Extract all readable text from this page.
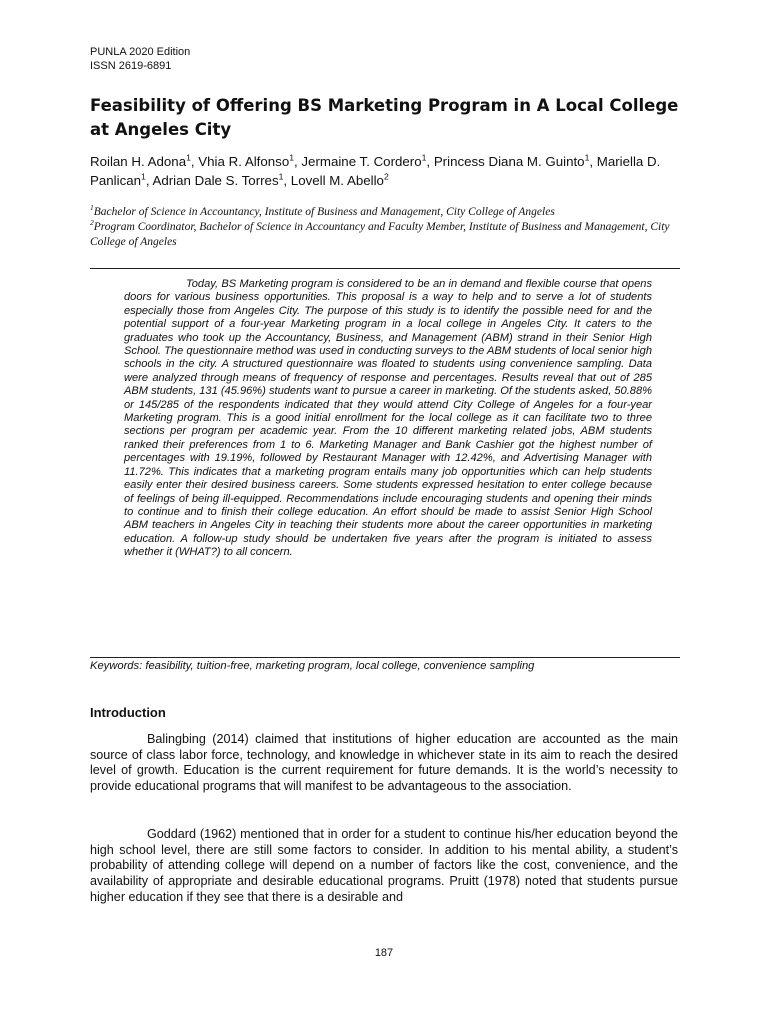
PUNLA 2020 Edition
ISSN 2619-6891
Feasibility of Offering BS Marketing Program in A Local College at Angeles City

Roilan H. Adona$^1$, Vhia R. Alfonso$^1$, Jermaine T. Cordero$^1$, Princess Diana M. Guinto$^1$, Mariella D. Panlican$^1$, Adrian Dale S. Torres$^1$, Lovell M. Abello$^2$

$^1$Bachelor of Science in Accountancy, Institute of Business and Management, City College of Angeles

$^2$Program Coordinator, Bachelor of Science in Accountancy and Faculty Member, Institute of Business and Management, City College of Angeles

Today, BS Marketing program is considered to be an in demand and flexible course that opens doors for various business opportunities. This proposal is a way to help and to serve a lot of students especially those from Angeles City. The purpose of this study is to identify the possible need for and the potential support of a four-year Marketing program in a local college in Angeles City. It caters to the graduates who took up the Accountancy, Business, and Management (ABM) strand in their Senior High School. The questionnaire method was used in conducting surveys to the ABM students of local senior high schools in the city. A structured questionnaire was floated to students using convenience sampling. Data were analyzed through means of frequency of response and percentages. Results reveal that out of 285 ABM students, 131 (45.96%) students want to pursue a career in marketing. Of the students asked, 50.88% or 145/285 of the respondents indicated that they would attend City College of Angeles for a four-year Marketing program. This is a good initial enrollment for the local college as it can facilitate two to three sections per program per academic year. From the 10 different marketing related jobs, ABM students ranked their preferences from 1 to 6. Marketing Manager and Bank Cashier got the highest number of percentages with 19.19%, followed by Restaurant Manager with 12.42%, and Advertising Manager with 11.72%. This indicates that a marketing program entails many job opportunities which can help students easily enter their desired business careers. Some students expressed hesitation to enter college because of feelings of being ill-equipped. Recommendations include encouraging students and opening their minds to continue and to finish their college education. An effort should be made to assist Senior High School ABM teachers in Angeles City in teaching their students more about the career opportunities in marketing education. A follow-up study should be undertaken five years after the program is initiated to assess whether it (WHAT?) to all concern.

Keywords: feasibility, tuition-free, marketing program, local college, convenience sampling

Introduction

Balingbing (2014) claimed that institutions of higher education are accounted as the main source of class labor force, technology, and knowledge in whichever state in its aim to reach the desired level of growth. Education is the current requirement for future demands. It is the world’s necessity to provide educational programs that will manifest to be advantageous to the association.

Goddard (1962) mentioned that in order for a student to continue his/her education beyond the high school level, there are still some factors to consider. In addition to his mental ability, a student’s probability of attending college will depend on a number of factors like the cost, convenience, and the availability of appropriate and desirable educational programs. Pruitt (1978) noted that students pursue higher education if they see that there is a desirable and

187
